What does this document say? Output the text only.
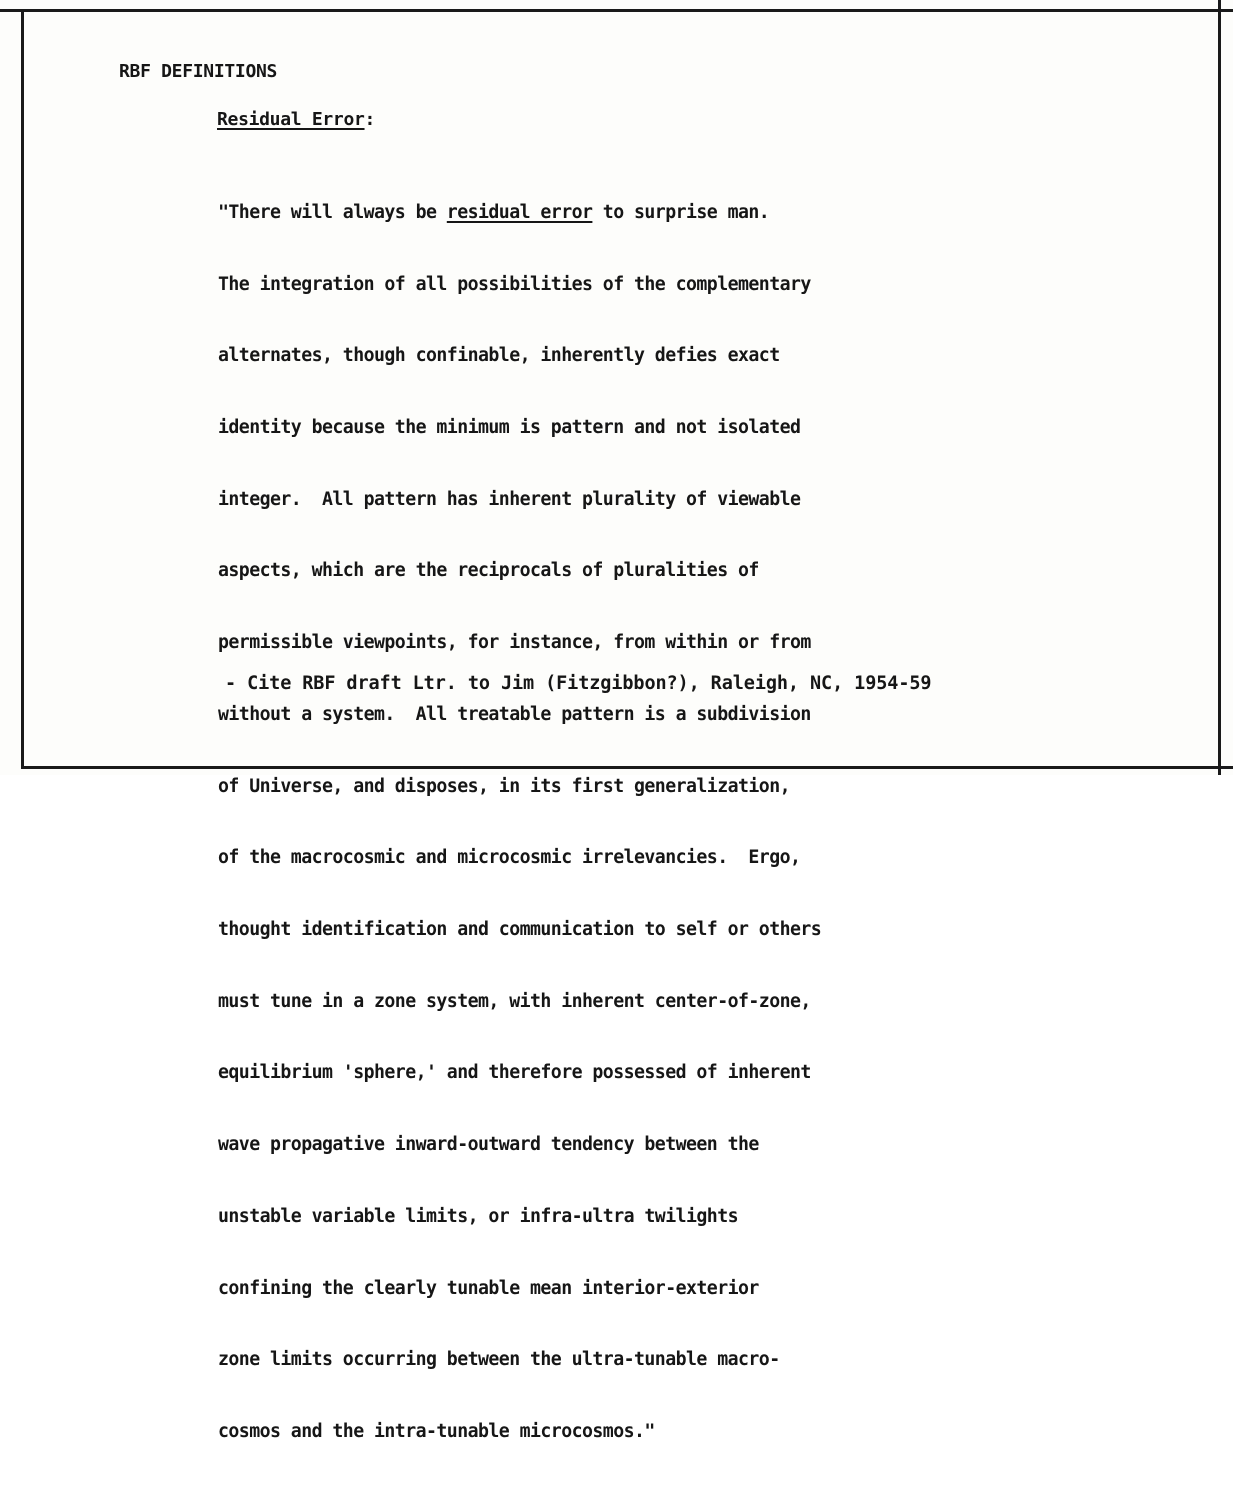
RBF DEFINITIONS
Residual Error:

"There will always be residual error to surprise man.

The integration of all possibilities of the complementary

alternates, though confinable, inherently defies exact

identity because the minimum is pattern and not isolated

integer.  All pattern has inherent plurality of viewable

aspects, which are the reciprocals of pluralities of

permissible viewpoints, for instance, from within or from

without a system.  All treatable pattern is a subdivision

of Universe, and disposes, in its first generalization,

of the macrocosmic and microcosmic irrelevancies.  Ergo,

thought identification and communication to self or others

must tune in a zone system, with inherent center-of-zone,

equilibrium 'sphere,' and therefore possessed of inherent

wave propagative inward-outward tendency between the

unstable variable limits, or infra-ultra twilights

confining the clearly tunable mean interior-exterior

zone limits occurring between the ultra-tunable macro-

cosmos and the intra-tunable microcosmos."

- Cite RBF draft Ltr. to Jim (Fitzgibbon?), Raleigh, NC, 1954-59
